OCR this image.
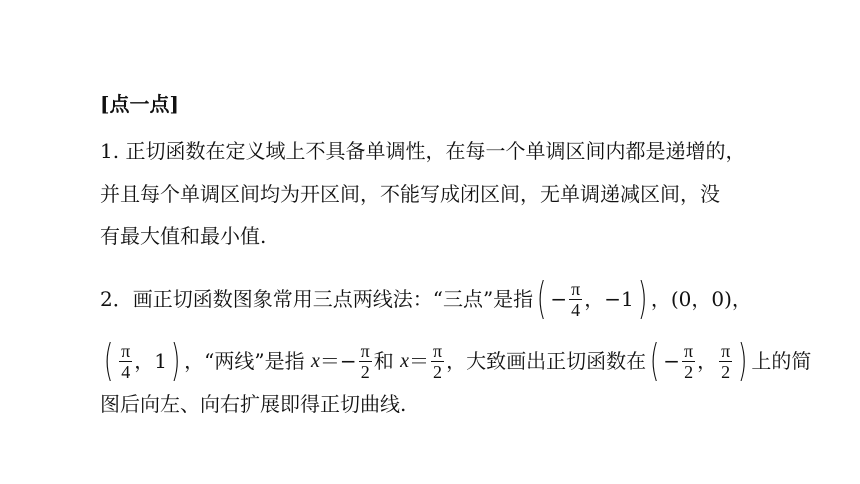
[点一点]
1. 正切函数在定义域上不具备单调性，在每一个单调区间内都是递增的，
并且每个单调区间均为开区间，不能写成闭区间，无单调递减区间，没
有最大值和最小值.
2．画正切函数图象常用三点两线法：“三点”是指( − $\frac{\pi}{4}$ ，−1) ，(0，0)，
( $\frac{\pi}{4}$ ，1) ，“两线”是指 $x=- \frac{\pi}{2}$ 和 $x= \frac{\pi}{2}$ ，大致画出正切函数在( − $\frac{\pi}{2}$ ， $\frac{\pi}{2}$ ) 上的简
图后向左、向右扩展即得正切曲线.
